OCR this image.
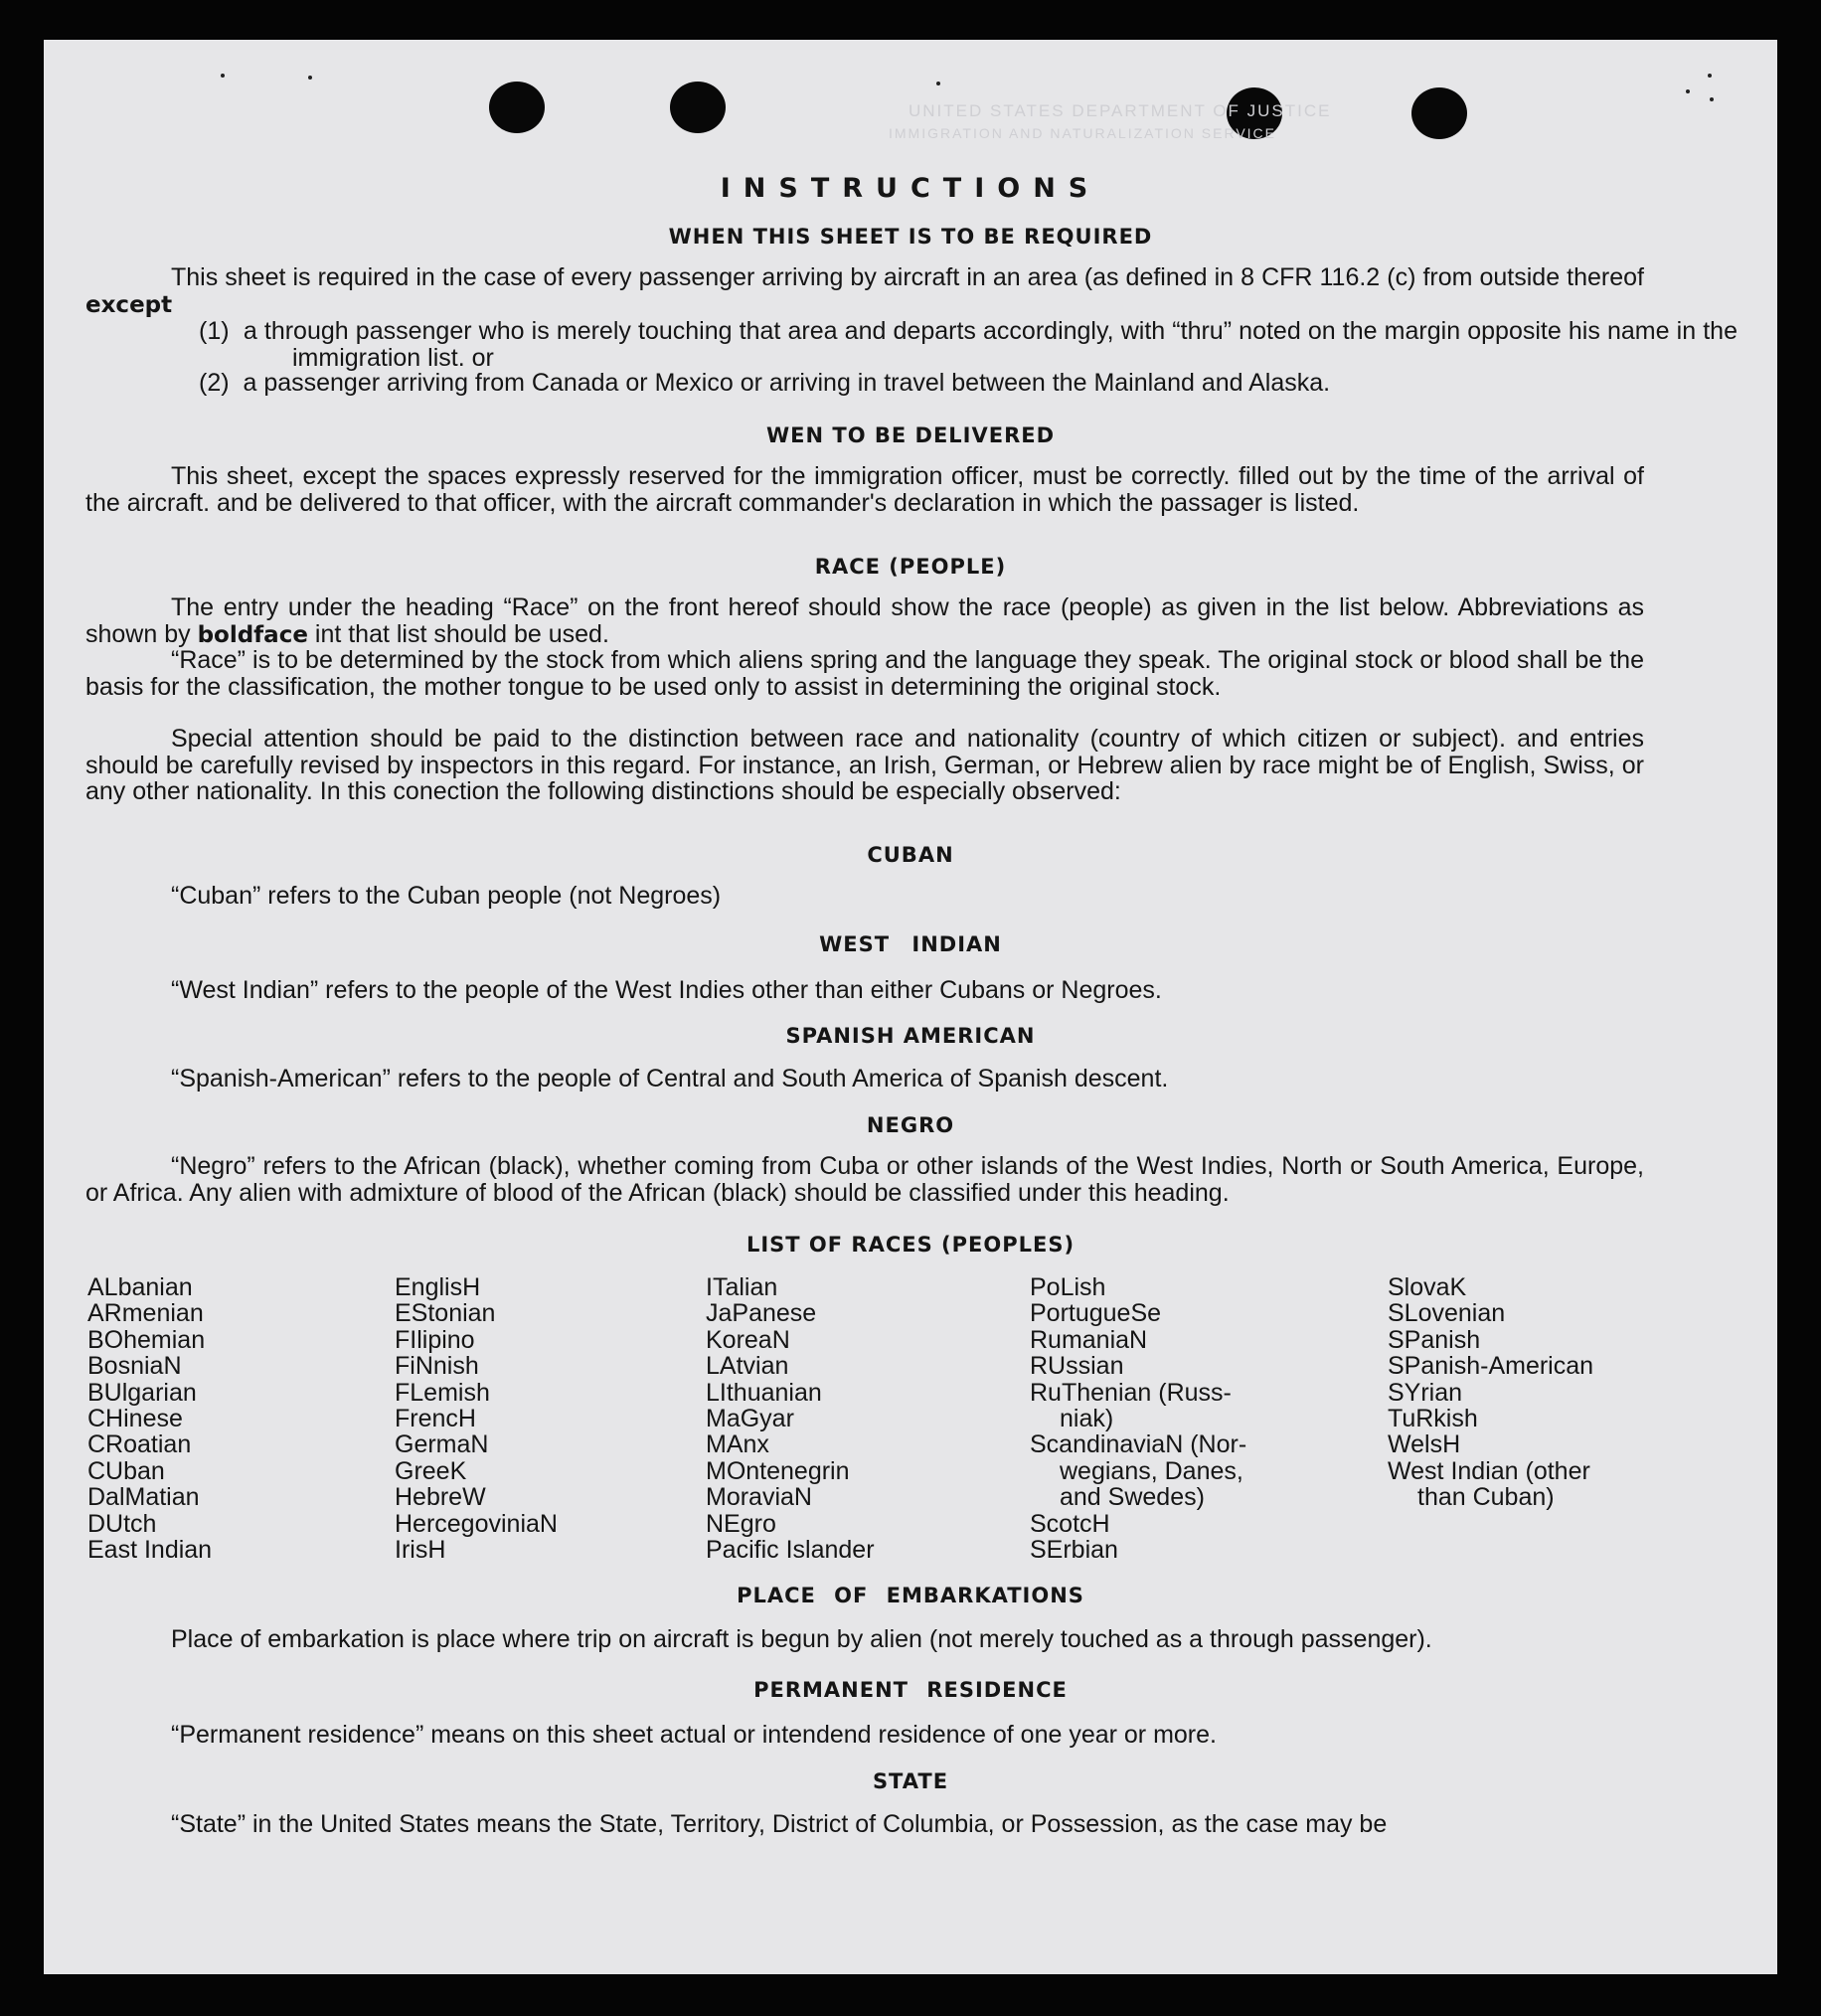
UNITED STATES DEPARTMENT OF JUSTICE
IMMIGRATION AND NATURALIZATION SERVICE
INSTRUCTIONS
WHEN THIS SHEET IS TO BE REQUIRED
This sheet is required in the case of every passenger arriving by aircraft in an area (as defined in 8 CFR 116.2 (c) from outside thereof except
(1) a through passenger who is merely touching that area and departs accordingly, with “thru” noted on the margin opposite his name in the immigration list. or
(2) a passenger arriving from Canada or Mexico or arriving in travel between the Mainland and Alaska.
WEN TO BE DELIVERED
This sheet, except the spaces expressly reserved for the immigration officer, must be correctly. filled out by the time of the arrival of the aircraft. and be delivered to that officer, with the aircraft commander's declaration in which the passager is listed.
RACE (PEOPLE)
The entry under the heading “Race” on the front hereof should show the race (people) as given in the list below. Abbreviations as shown by boldface int that list should be used.
“Race” is to be determined by the stock from which aliens spring and the language they speak. The original stock or blood shall be the basis for the classification, the mother tongue to be used only to assist in determining the original stock.
Special attention should be paid to the distinction between race and nationality (country of which citizen or subject). and entries should be carefully revised by inspectors in this regard. For instance, an Irish, German, or Hebrew alien by race might be of English, Swiss, or any other nationality. In this conection the following distinctions should be especially observed:
CUBAN
“Cuban” refers to the Cuban people (not Negroes)
WEST INDIAN
“West Indian” refers to the people of the West Indies other than either Cubans or Negroes.
SPANISH AMERICAN
“Spanish-American” refers to the people of Central and South America of Spanish descent.
NEGRO
“Negro” refers to the African (black), whether coming from Cuba or other islands of the West Indies, North or South America, Europe, or Africa. Any alien with admixture of blood of the African (black) should be classified under this heading.
LIST OF RACES (PEOPLES)
ALbanian
ARmenian
BOhemian
BosniaN
BUlgarian
CHinese
CRoatian
CUban
DalMatian
DUtch
East Indian
EnglisH
EStonian
FIlipino
FiNnish
FLemish
FrencH
GermaN
GreeK
HebreW
HercegoviniaN
IrisH
ITalian
JaPanese
KoreaN
LAtvian
LIthuanian
MaGyar
MAnx
MOntenegrin
MoraviaN
NEgro
Pacific Islander
PoLish
PortugueSe
RumaniaN
RUssian
RuThenian (Russ-
niak)
ScandinaviaN (Nor-
wegians, Danes,
and Swedes)
ScotcH
SErbian
SlovaK
SLovenian
SPanish
SPanish-American
SYrian
TuRkish
WelsH
West Indian (other
than Cuban)
PLACE OF EMBARKATIONS
Place of embarkation is place where trip on aircraft is begun by alien (not merely touched as a through passenger).
PERMANENT RESIDENCE
“Permanent residence” means on this sheet actual or intendend residence of one year or more.
STATE
“State” in the United States means the State, Territory, District of Columbia, or Possession, as the case may be
